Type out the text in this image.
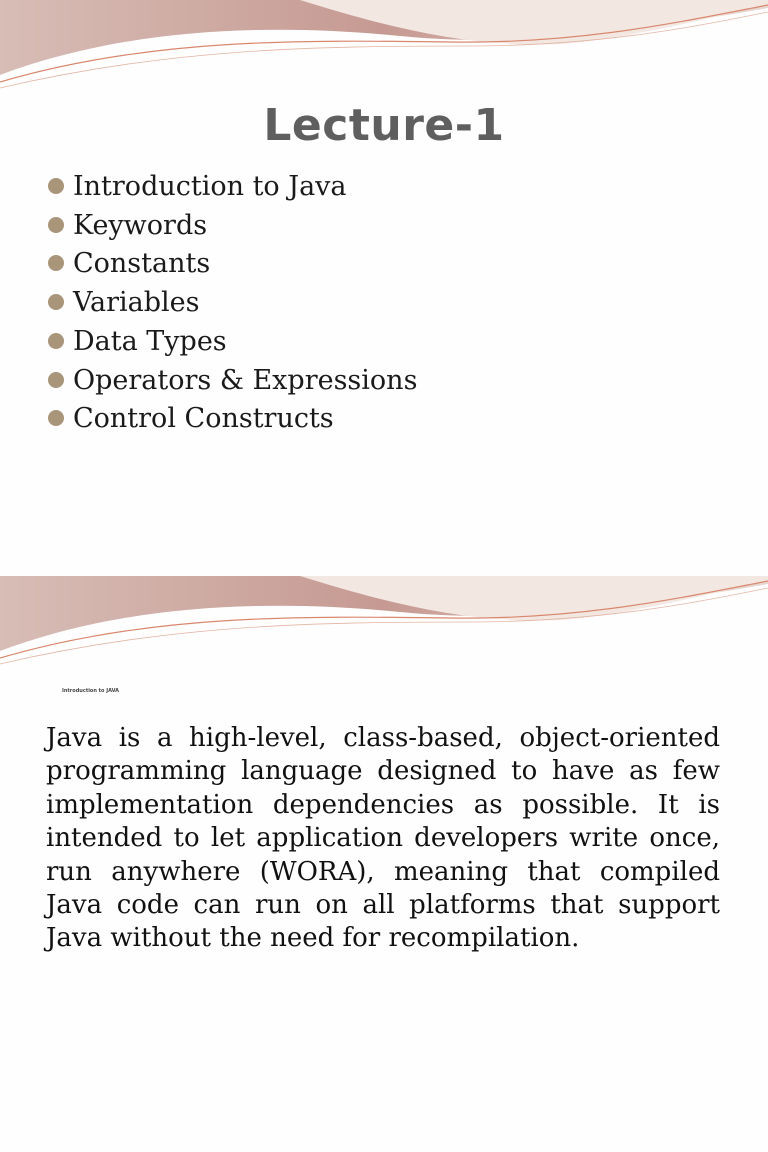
Lecture-1
Introduction to Java
Keywords
Constants
Variables
Data Types
Operators & Expressions
Control Constructs

Introduction to JAVA

Java is a high-level, class-based, object-oriented programming language designed to have as few implementation dependencies as possible. It is intended to let application developers write once, run anywhere (WORA), meaning that compiled Java code can run on all platforms that support Java without the need for recompilation.
